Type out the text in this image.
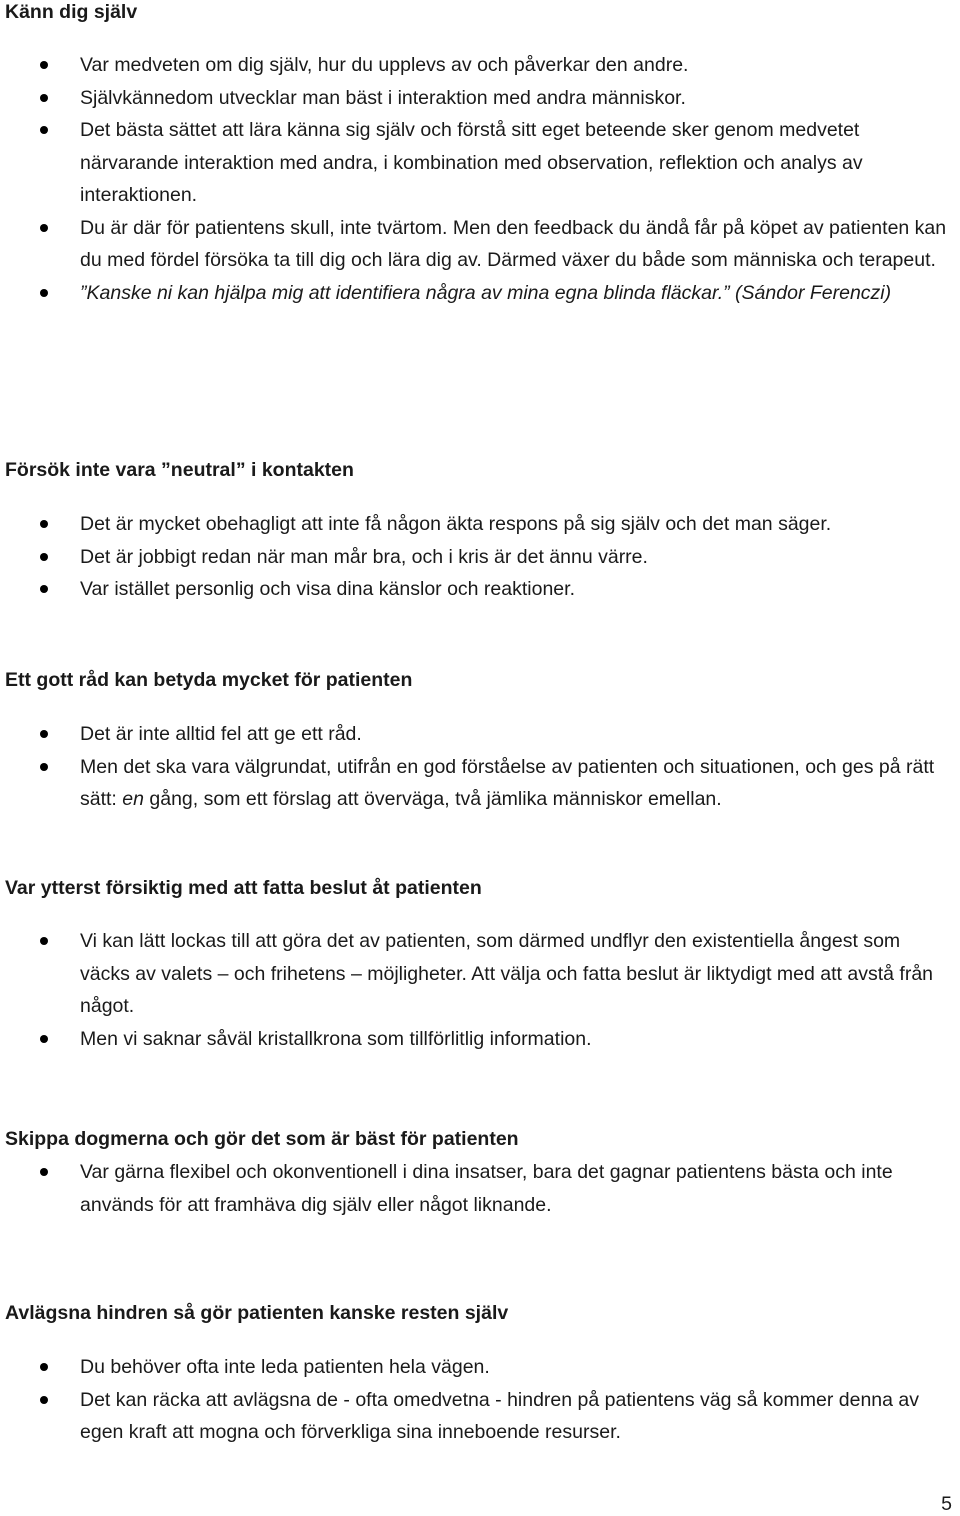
Känn dig själv
Var medveten om dig själv, hur du upplevs av och påverkar den andre.
Självkännedom utvecklar man bäst i interaktion med andra människor.
Det bästa sättet att lära känna sig själv och förstå sitt eget beteende sker genom medvetet närvarande interaktion med andra, i kombination med observation, reflektion och analys av interaktionen.
Du är där för patientens skull, inte tvärtom. Men den feedback du ändå får på köpet av patienten kan du med fördel försöka ta till dig och lära dig av. Därmed växer du både som människa och terapeut.
”Kanske ni kan hjälpa mig att identifiera några av mina egna blinda fläckar.” (Sándor Ferenczi)
Försök inte vara ”neutral” i kontakten
Det är mycket obehagligt att inte få någon äkta respons på sig själv och det man säger.
Det är jobbigt redan när man mår bra, och i kris är det ännu värre.
Var istället personlig och visa dina känslor och reaktioner.
Ett gott råd kan betyda mycket för patienten
Det är inte alltid fel att ge ett råd.
Men det ska vara välgrundat, utifrån en god förståelse av patienten och situationen, och ges på rätt sätt: en gång, som ett förslag att överväga, två jämlika människor emellan.
Var ytterst försiktig med att fatta beslut åt patienten
Vi kan lätt lockas till att göra det av patienten, som därmed undflyr den existentiella ångest som väcks av valets – och frihetens – möjligheter. Att välja och fatta beslut är liktydigt med att avstå från något.
Men vi saknar såväl kristallkrona som tillförlitlig information.
Skippa dogmerna och gör det som är bäst för patienten
Var gärna flexibel och okonventionell i dina insatser, bara det gagnar patientens bästa och inte används för att framhäva dig själv eller något liknande.
Avlägsna hindren så gör patienten kanske resten själv
Du behöver ofta inte leda patienten hela vägen.
Det kan räcka att avlägsna de - ofta omedvetna - hindren på patientens väg så kommer denna av egen kraft att mogna och förverkliga sina inneboende resurser.
5
